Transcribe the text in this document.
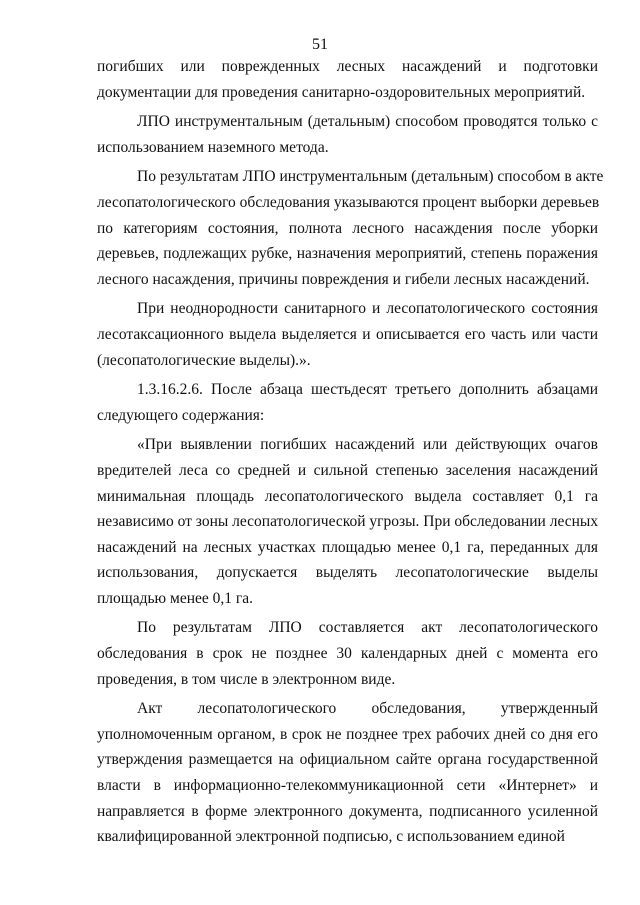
51
погибших или поврежденных лесных насаждений и подготовки
документации для проведения санитарно-оздоровительных мероприятий.
ЛПО инструментальным (детальным) способом проводятся только с
использованием наземного метода.
По результатам ЛПО инструментальным (детальным) способом в акте
лесопатологического обследования указываются процент выборки деревьев
по категориям состояния, полнота лесного насаждения после уборки
деревьев, подлежащих рубке, назначения мероприятий, степень поражения
лесного насаждения, причины повреждения и гибели лесных насаждений.
При неоднородности санитарного и лесопатологического состояния
лесотаксационного выдела выделяется и описывается его часть или части
(лесопатологические выделы).».
1.3.16.2.6. После абзаца шестьдесят третьего дополнить абзацами
следующего содержания:
«При выявлении погибших насаждений или действующих очагов
вредителей леса со средней и сильной степенью заселения насаждений
минимальная площадь лесопатологического выдела составляет 0,1 га
независимо от зоны лесопатологической угрозы. При обследовании лесных
насаждений на лесных участках площадью менее 0,1 га, переданных для
использования, допускается выделять лесопатологические выделы
площадью менее 0,1 га.
По результатам ЛПО составляется акт лесопатологического
обследования в срок не позднее 30 календарных дней с момента его
проведения, в том числе в электронном виде.
Акт лесопатологического обследования, утвержденный
уполномоченным органом, в срок не позднее трех рабочих дней со дня его
утверждения размещается на официальном сайте органа государственной
власти в информационно-телекоммуникационной сети «Интернет» и
направляется в форме электронного документа, подписанного усиленной
квалифицированной электронной подписью, с использованием единой
